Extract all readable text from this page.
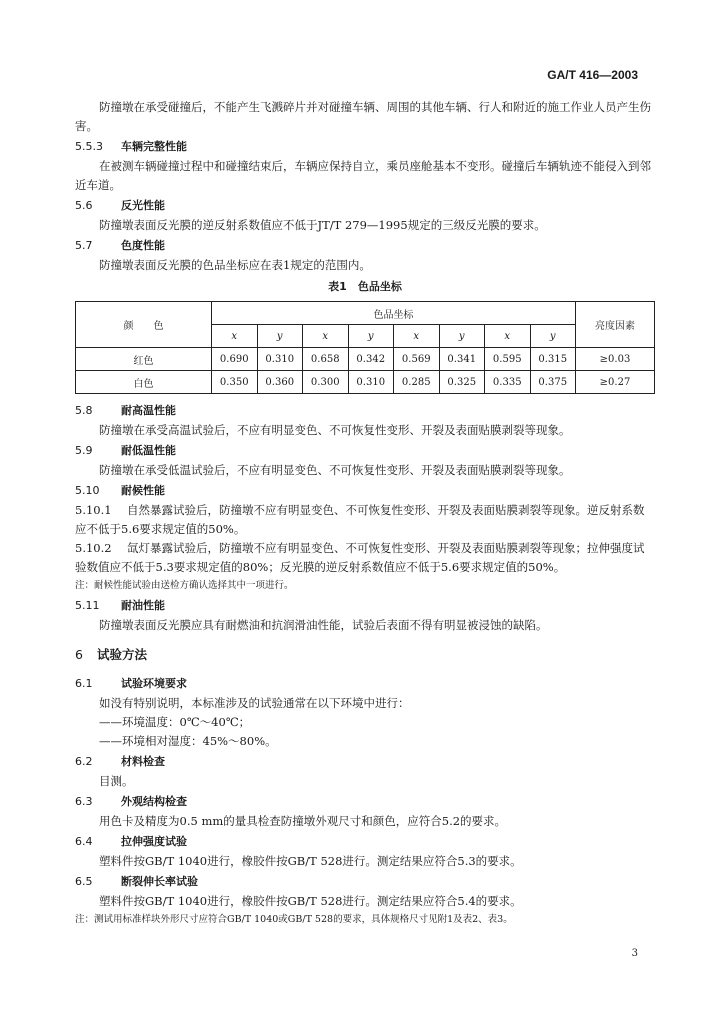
GA/T 416—2003

防撞墩在承受碰撞后，不能产生飞溅碎片并对碰撞车辆、周围的其他车辆、行人和附近的施工作业人员产生伤害。

5.5.3 车辆完整性能

在被测车辆碰撞过程中和碰撞结束后，车辆应保持自立，乘员座舱基本不变形。碰撞后车辆轨迹不能侵入到邻近车道。

5.6	反光性能

防撞墩表面反光膜的逆反射系数值应不低于JT/T 279—1995规定的三级反光膜的要求。

5.7	色度性能

防撞墩表面反光膜的色品坐标应在表1规定的范围内。

表1　色品坐标
颜　　色	色品坐标								亮度因素
	x	y	x	y	x	y	x	y	
红色	0.690	0.310	0.658	0.342	0.569	0.341	0.595	0.315	≥0.03
白色	0.350	0.360	0.300	0.310	0.285	0.325	0.335	0.375	≥0.27
5.8	耐高温性能

防撞墩在承受高温试验后，不应有明显变色、不可恢复性变形、开裂及表面贴膜剥裂等现象。

5.9	耐低温性能

防撞墩在承受低温试验后，不应有明显变色、不可恢复性变形、开裂及表面贴膜剥裂等现象。

5.10 耐候性能

5.10.1 自然暴露试验后，防撞墩不应有明显变色、不可恢复性变形、开裂及表面贴膜剥裂等现象。逆反射系数应不低于5.6要求规定值的50%。

5.10.2 氙灯暴露试验后，防撞墩不应有明显变色、不可恢复性变形、开裂及表面贴膜剥裂等现象；拉伸强度试验数值应不低于5.3要求规定值的80%；反光膜的逆反射系数值应不低于5.6要求规定值的50%。

注：耐候性能试验由送检方确认选择其中一项进行。

5.11 耐油性能

防撞墩表面反光膜应具有耐燃油和抗润滑油性能，试验后表面不得有明显被浸蚀的缺陷。

6 试验方法
6.1	试验环境要求

如没有特别说明，本标准涉及的试验通常在以下环境中进行：

——环境温度：0℃～40℃；

——环境相对湿度：45%～80%。

6.2	材料检查

目测。

6.3	外观结构检查

用色卡及精度为0.5 mm的量具检查防撞墩外观尺寸和颜色，应符合5.2的要求。

6.4	拉伸强度试验

塑料件按GB/T 1040进行，橡胶件按GB/T 528进行。测定结果应符合5.3的要求。

6.5	断裂伸长率试验

塑料件按GB/T 1040进行，橡胶件按GB/T 528进行。测定结果应符合5.4的要求。

注：测试用标准样块外形尺寸应符合GB/T 1040或GB/T 528的要求，具体规格尺寸见附1及表2、表3。

3
